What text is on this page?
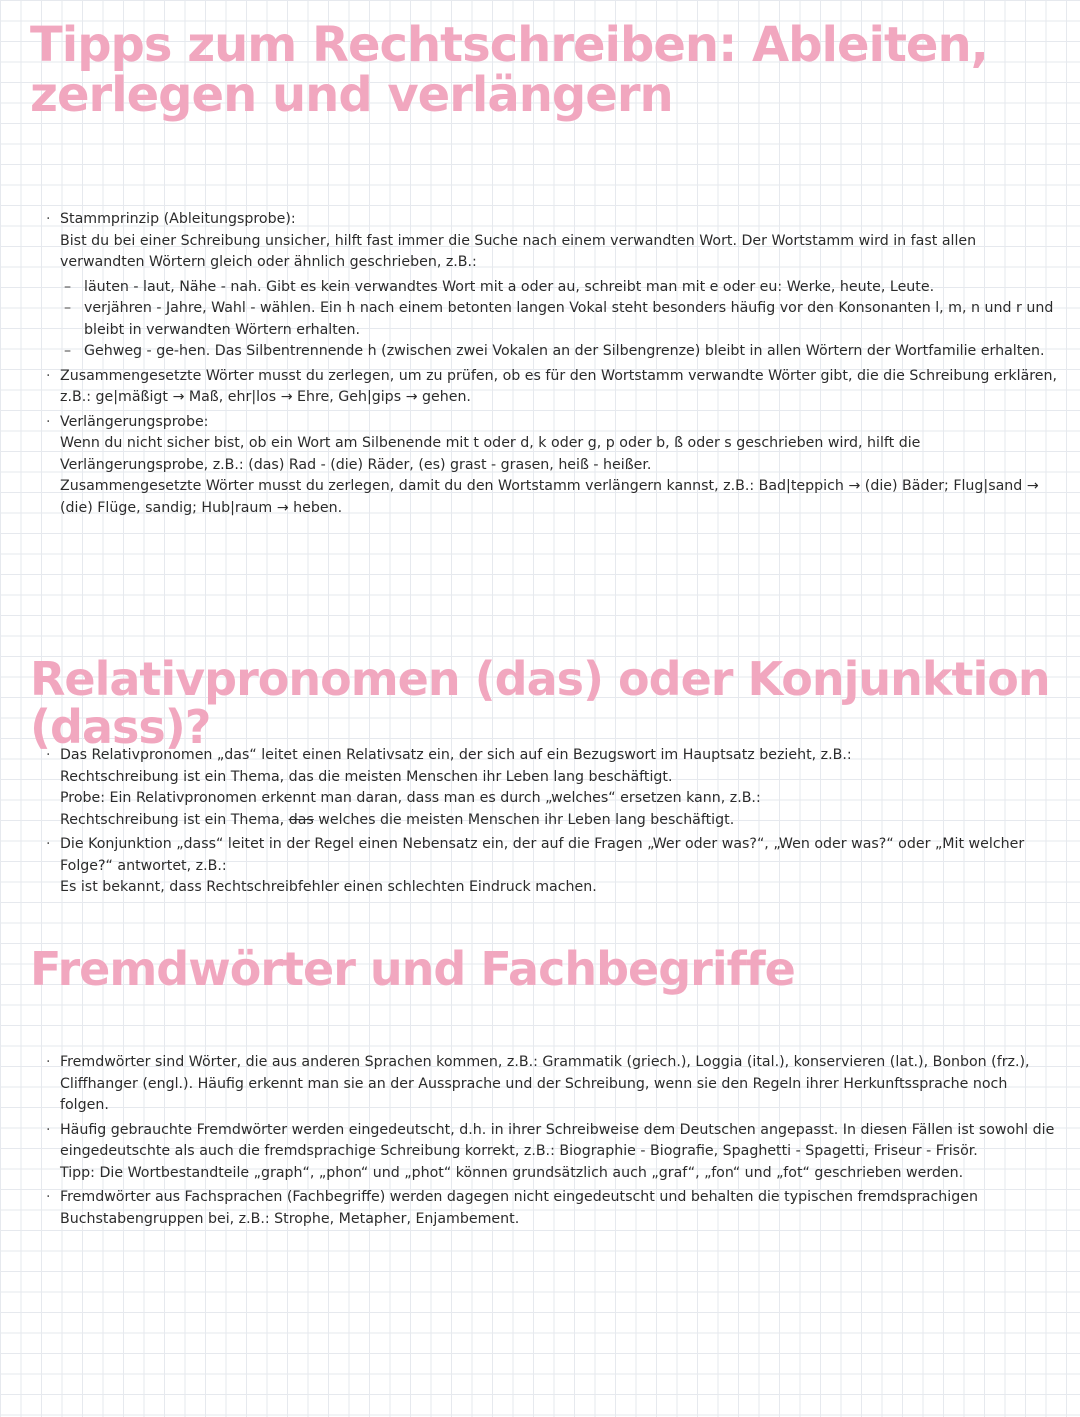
Tipps zum Rechtschreiben: Ableiten, zerlegen und verlängern
· Stammprinzip (Ableitungsprobe):
Bist du bei einer Schreibung unsicher, hilft fast immer die Suche nach einem verwandten Wort. Der Wortstamm wird in fast allen verwandten Wörtern gleich oder ähnlich geschrieben, z.B.:
– läuten - laut, Nähe - nah. Gibt es kein verwandtes Wort mit a oder au, schreibt man mit e oder eu: Werke, heute, Leute.
– verjähren - Jahre, Wahl - wählen. Ein h nach einem betonten langen Vokal steht besonders häufig vor den Konsonanten l, m, n und r und bleibt in verwandten Wörtern erhalten.
– Gehweg - ge-hen. Das Silbentrennende h (zwischen zwei Vokalen an der Silbengrenze) bleibt in allen Wörtern der Wortfamilie erhalten.
· Zusammengesetzte Wörter musst du zerlegen, um zu prüfen, ob es für den Wortstamm verwandte Wörter gibt, die die Schreibung erklären, z.B.: ge|mäßigt → Maß, ehr|los → Ehre, Geh|gips → gehen.
· Verlängerungsprobe:
Wenn du nicht sicher bist, ob ein Wort am Silbenende mit t oder d, k oder g, p oder b, ß oder s geschrieben wird, hilft die Verlängerungsprobe, z.B.: (das) Rad - (die) Räder, (es) grast - grasen, heiß - heißer.
Zusammengesetzte Wörter musst du zerlegen, damit du den Wortstamm verlängern kannst, z.B.: Bad|teppich → (die) Bäder; Flug|sand → (die) Flüge, sandig; Hub|raum → heben.
Relativpronomen (das) oder Konjunktion (dass)?
· Das Relativpronomen „das“ leitet einen Relativsatz ein, der sich auf ein Bezugswort im Hauptsatz bezieht, z.B.:
Rechtschreibung ist ein Thema, das die meisten Menschen ihr Leben lang beschäftigt.
Probe: Ein Relativpronomen erkennt man daran, dass man es durch „welches“ ersetzen kann, z.B.:
Rechtschreibung ist ein Thema, das welches die meisten Menschen ihr Leben lang beschäftigt.
· Die Konjunktion „dass“ leitet in der Regel einen Nebensatz ein, der auf die Fragen „Wer oder was?“, „Wen oder was?“ oder „Mit welcher Folge?“ antwortet, z.B.:
Es ist bekannt, dass Rechtschreibfehler einen schlechten Eindruck machen.
Fremdwörter und Fachbegriffe
· Fremdwörter sind Wörter, die aus anderen Sprachen kommen, z.B.: Grammatik (griech.), Loggia (ital.), konservieren (lat.), Bonbon (frz.), Cliffhanger (engl.). Häufig erkennt man sie an der Aussprache und der Schreibung, wenn sie den Regeln ihrer Herkunftssprache noch folgen.
· Häufig gebrauchte Fremdwörter werden eingedeutscht, d.h. in ihrer Schreibweise dem Deutschen angepasst. In diesen Fällen ist sowohl die eingedeutschte als auch die fremdsprachige Schreibung korrekt, z.B.: Biographie - Biografie, Spaghetti - Spagetti, Friseur - Frisör.
Tipp: Die Wortbestandteile „graph“, „phon“ und „phot“ können grundsätzlich auch „graf“, „fon“ und „fot“ geschrieben werden.
· Fremdwörter aus Fachsprachen (Fachbegriffe) werden dagegen nicht eingedeutscht und behalten die typischen fremdsprachigen Buchstabengruppen bei, z.B.: Strophe, Metapher, Enjambement.
